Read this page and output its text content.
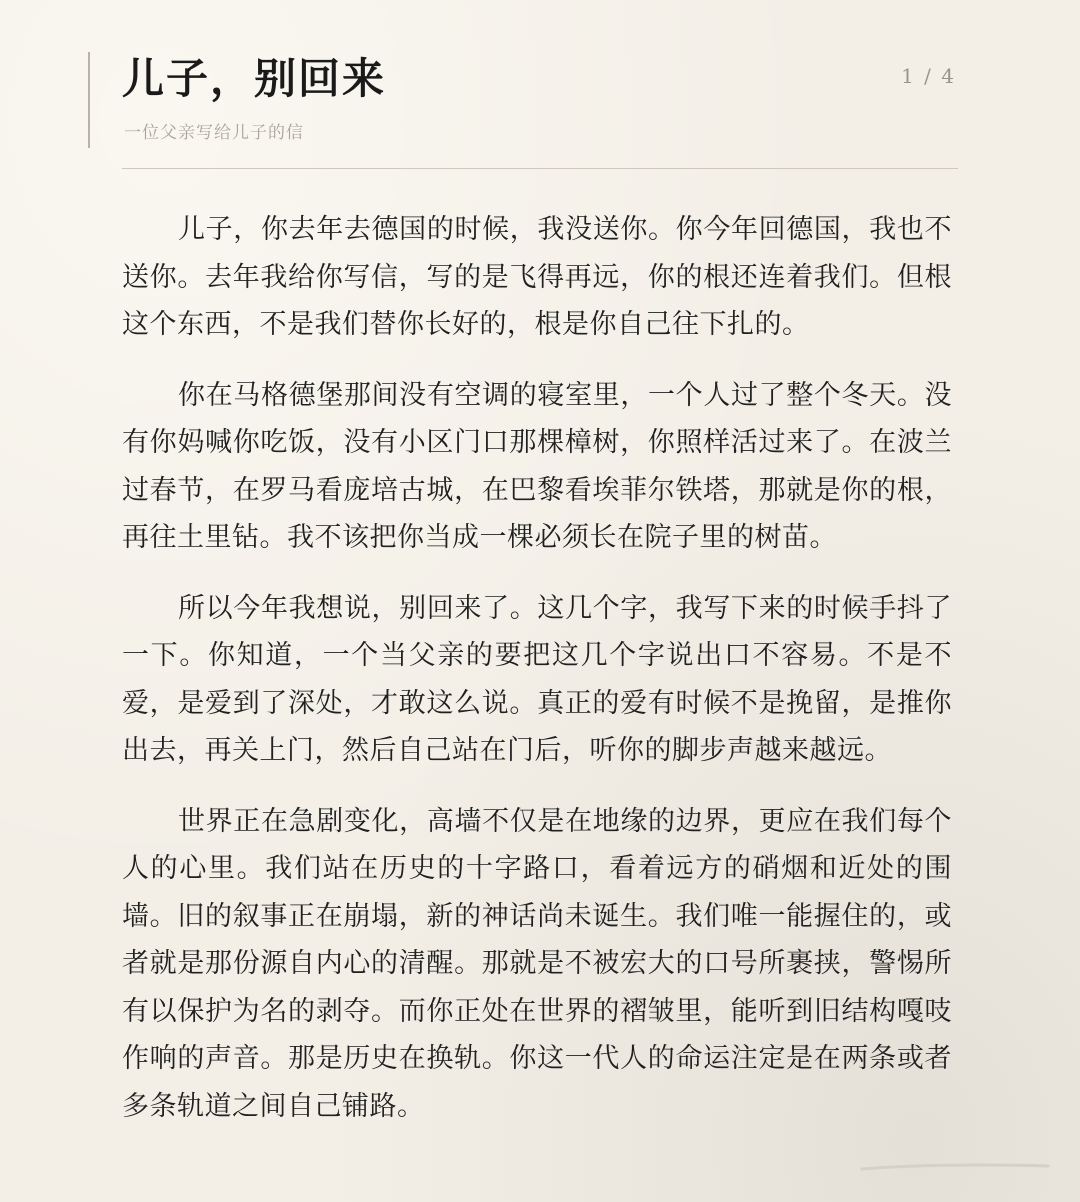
儿子，别回来
一位父亲写给儿子的信
1 / 4

儿子，你去年去德国的时候，我没送你。你今年回德国，我也不送你。去年我给你写信，写的是飞得再远，你的根还连着我们。但根这个东西，不是我们替你长好的，根是你自己往下扎的。

你在马格德堡那间没有空调的寝室里，一个人过了整个冬天。没有你妈喊你吃饭，没有小区门口那棵樟树，你照样活过来了。在波兰过春节，在罗马看庞培古城，在巴黎看埃菲尔铁塔，那就是你的根，再往土里钻。我不该把你当成一棵必须长在院子里的树苗。

所以今年我想说，别回来了。这几个字，我写下来的时候手抖了一下。你知道，一个当父亲的要把这几个字说出口不容易。不是不爱，是爱到了深处，才敢这么说。真正的爱有时候不是挽留，是推你出去，再关上门，然后自己站在门后，听你的脚步声越来越远。

世界正在急剧变化，高墙不仅是在地缘的边界，更应在我们每个人的心里。我们站在历史的十字路口，看着远方的硝烟和近处的围墙。旧的叙事正在崩塌，新的神话尚未诞生。我们唯一能握住的，或者就是那份源自内心的清醒。那就是不被宏大的口号所裹挟，警惕所有以保护为名的剥夺。而你正处在世界的褶皱里，能听到旧结构嘎吱作响的声音。那是历史在换轨。你这一代人的命运注定是在两条或者多条轨道之间自己铺路。
